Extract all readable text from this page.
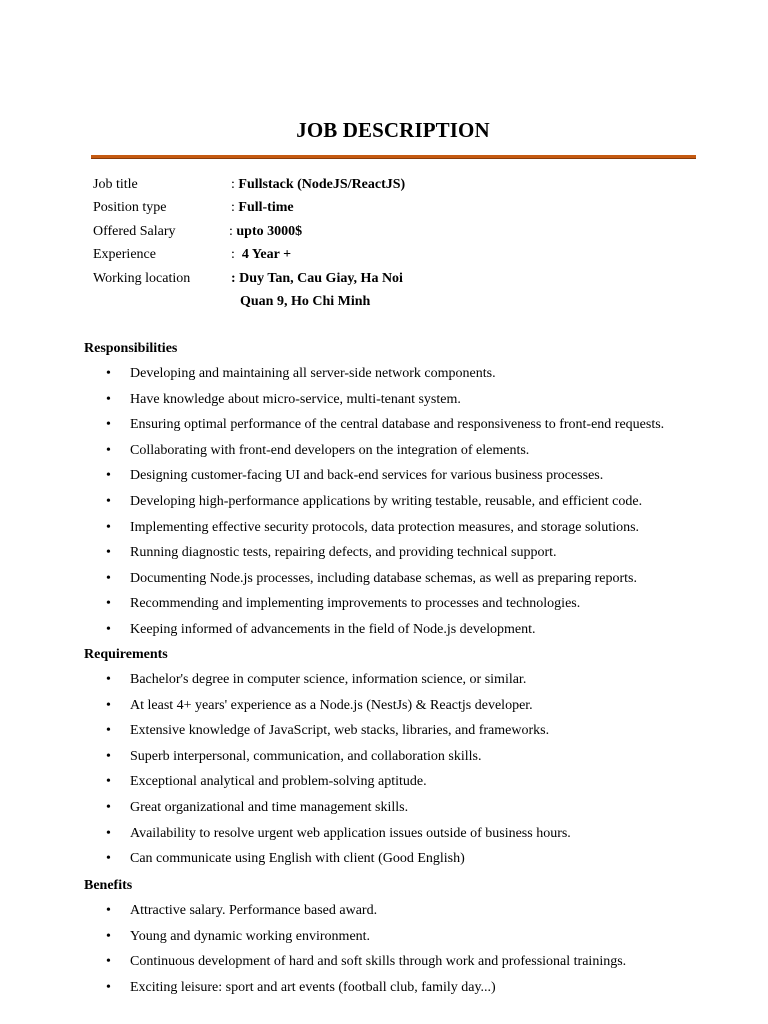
JOB DESCRIPTION
Job title	: Fullstack (NodeJS/ReactJS)
Position type	: Full-time
Offered Salary	: upto 3000$
Experience	: 4 Year +
Working location	: Duy Tan, Cau Giay, Ha Noi
Quan 9, Ho Chi Minh
Responsibilities
• Developing and maintaining all server-side network components.
• Have knowledge about micro-service, multi-tenant system.
• Ensuring optimal performance of the central database and responsiveness to front-end requests.
• Collaborating with front-end developers on the integration of elements.
• Designing customer-facing UI and back-end services for various business processes.
• Developing high-performance applications by writing testable, reusable, and efficient code.
• Implementing effective security protocols, data protection measures, and storage solutions.
• Running diagnostic tests, repairing defects, and providing technical support.
• Documenting Node.js processes, including database schemas, as well as preparing reports.
• Recommending and implementing improvements to processes and technologies.
• Keeping informed of advancements in the field of Node.js development.
Requirements
• Bachelor's degree in computer science, information science, or similar.
• At least 4+ years' experience as a Node.js (NestJs) & Reactjs developer.
• Extensive knowledge of JavaScript, web stacks, libraries, and frameworks.
• Superb interpersonal, communication, and collaboration skills.
• Exceptional analytical and problem-solving aptitude.
• Great organizational and time management skills.
• Availability to resolve urgent web application issues outside of business hours.
• Can communicate using English with client (Good English)
Benefits
• Attractive salary. Performance based award.
• Young and dynamic working environment.
• Continuous development of hard and soft skills through work and professional trainings.
• Exciting leisure: sport and art events (football club, family day...)
